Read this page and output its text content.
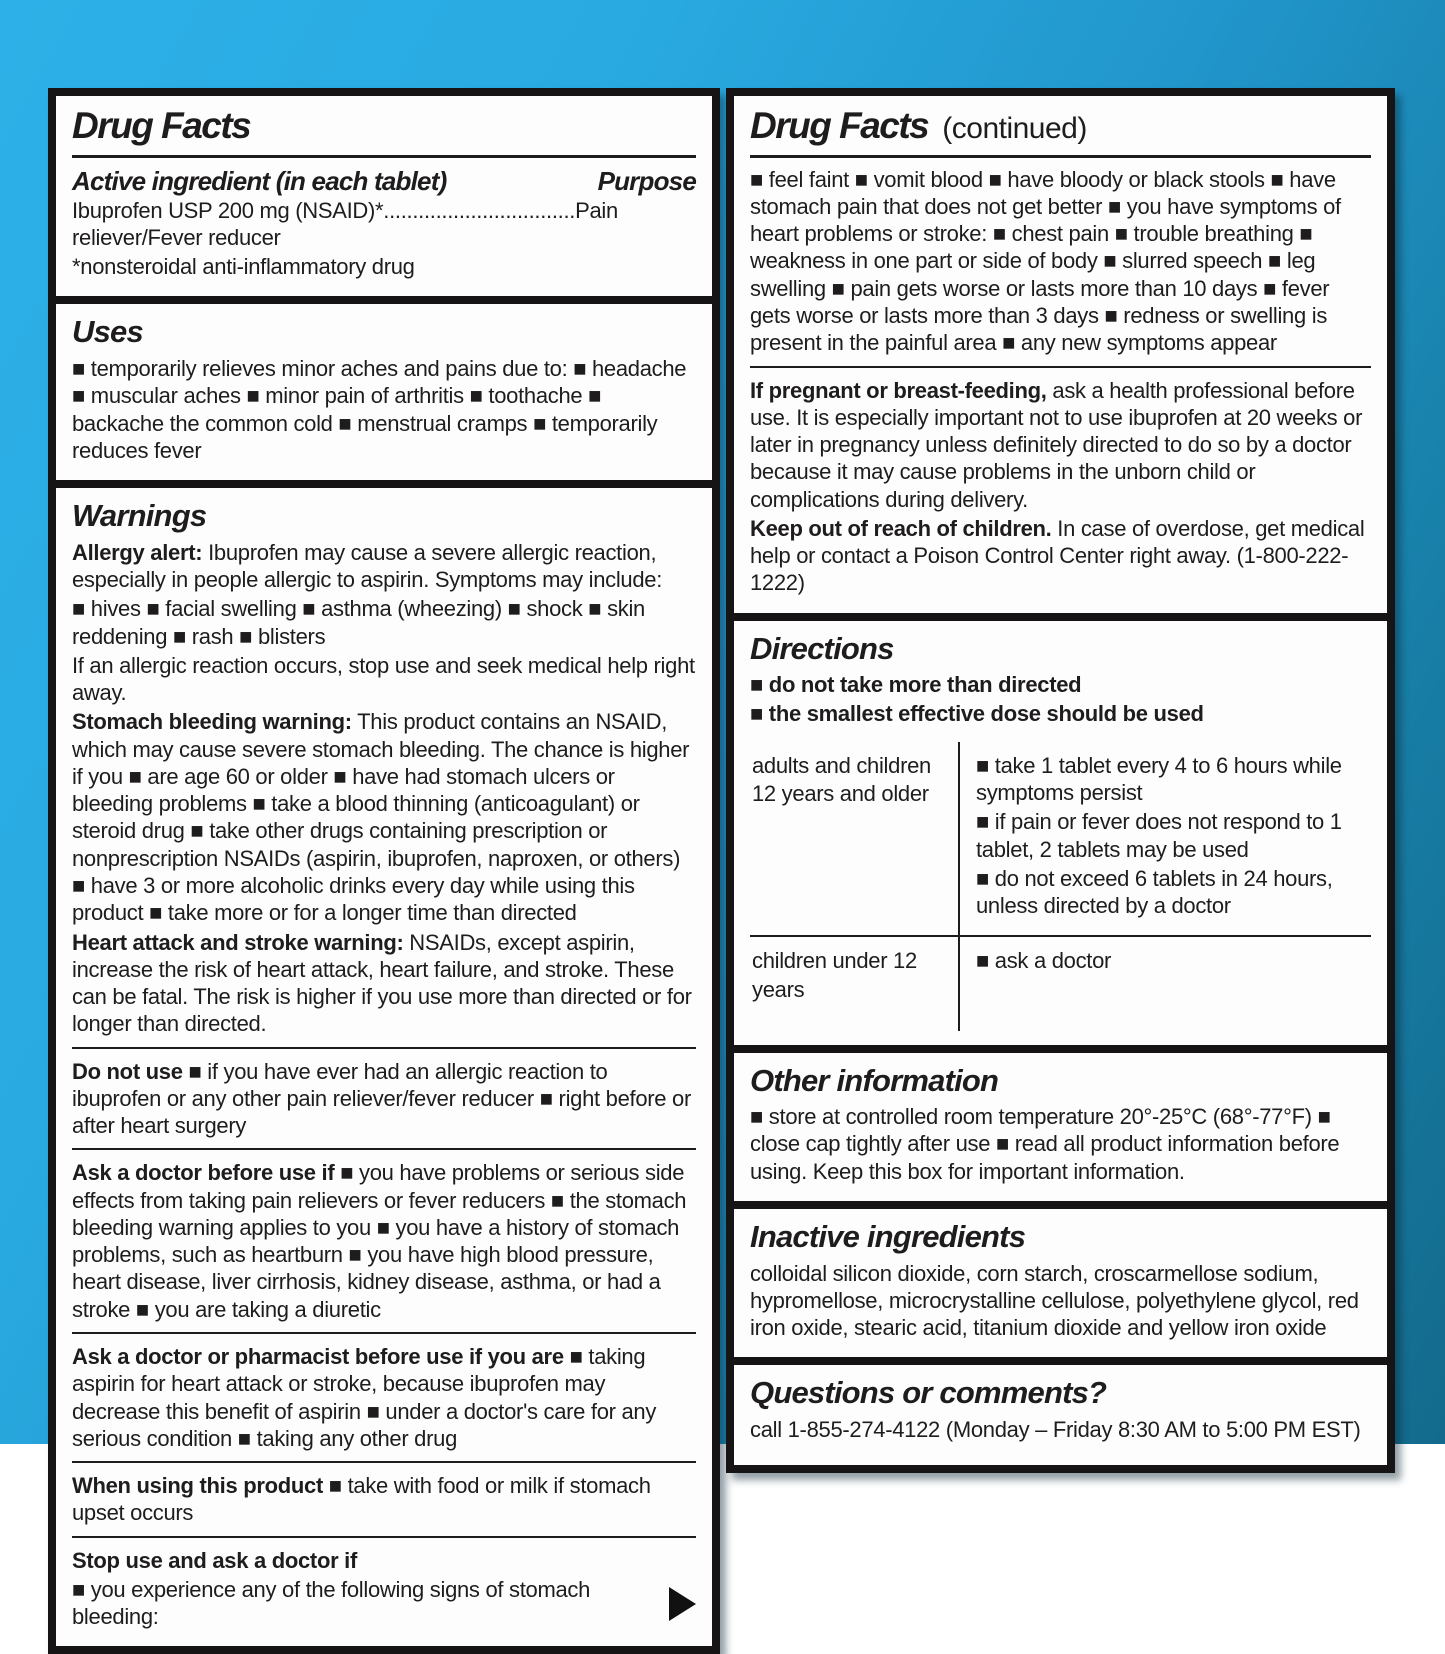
Drug Facts
Active ingredient (in each tablet)	Purpose

Ibuprofen USP 200 mg (NSAID)*.................................Pain reliever/Fever reducer

*nonsteroidal anti-inflammatory drug

Uses

■ temporarily relieves minor aches and pains due to: ■ headache ■ muscular aches ■ minor pain of arthritis ■ toothache ■ backache the common cold ■ menstrual cramps ■ temporarily reduces fever

Warnings

Allergy alert: Ibuprofen may cause a severe allergic reaction, especially in people allergic to aspirin. Symptoms may include:

■ hives ■ facial swelling ■ asthma (wheezing) ■ shock ■ skin reddening ■ rash ■ blisters

If an allergic reaction occurs, stop use and seek medical help right away.

Stomach bleeding warning: This product contains an NSAID, which may cause severe stomach bleeding. The chance is higher if you ■ are age 60 or older ■ have had stomach ulcers or bleeding problems ■ take a blood thinning (anticoagulant) or steroid drug ■ take other drugs containing prescription or nonprescription NSAIDs (aspirin, ibuprofen, naproxen, or others) ■ have 3 or more alcoholic drinks every day while using this product ■ take more or for a longer time than directed

Heart attack and stroke warning: NSAIDs, except aspirin, increase the risk of heart attack, heart failure, and stroke. These can be fatal. The risk is higher if you use more than directed or for longer than directed.

Do not use ■ if you have ever had an allergic reaction to ibuprofen or any other pain reliever/fever reducer ■ right before or after heart surgery

Ask a doctor before use if ■ you have problems or serious side effects from taking pain relievers or fever reducers ■ the stomach bleeding warning applies to you ■ you have a history of stomach problems, such as heartburn ■ you have high blood pressure, heart disease, liver cirrhosis, kidney disease, asthma, or had a stroke ■ you are taking a diuretic

Ask a doctor or pharmacist before use if you are ■ taking aspirin for heart attack or stroke, because ibuprofen may decrease this benefit of aspirin ■ under a doctor's care for any serious condition ■ taking any other drug

When using this product ■ take with food or milk if stomach upset occurs

Stop use and ask a doctor if

■ you experience any of the following signs of stomach bleeding:

Drug Facts (continued)

■ feel faint ■ vomit blood ■ have bloody or black stools ■ have stomach pain that does not get better ■ you have symptoms of heart problems or stroke: ■ chest pain ■ trouble breathing ■ weakness in one part or side of body ■ slurred speech ■ leg swelling ■ pain gets worse or lasts more than 10 days ■ fever gets worse or lasts more than 3 days ■ redness or swelling is present in the painful area ■ any new symptoms appear

If pregnant or breast-feeding, ask a health professional before use. It is especially important not to use ibuprofen at 20 weeks or later in pregnancy unless definitely directed to do so by a doctor because it may cause problems in the unborn child or complications during delivery.

Keep out of reach of children. In case of overdose, get medical help or contact a Poison Control Center right away. (1-800-222-1222)

Directions

■ do not take more than directed

■ the smallest effective dose should be used

adults and children 12 years and older

■ take 1 tablet every 4 to 6 hours while symptoms persist

■ if pain or fever does not respond to 1 tablet, 2 tablets may be used

■ do not exceed 6 tablets in 24 hours, unless directed by a doctor

children under 12 years

■ ask a doctor

Other information

■ store at controlled room temperature 20°-25°C (68°-77°F) ■ close cap tightly after use ■ read all product information before using. Keep this box for important information.

Inactive ingredients

colloidal silicon dioxide, corn starch, croscarmellose sodium, hypromellose, microcrystalline cellulose, polyethylene glycol, red iron oxide, stearic acid, titanium dioxide and yellow iron oxide

Questions or comments?

call 1-855-274-4122 (Monday – Friday 8:30 AM to 5:00 PM EST)
